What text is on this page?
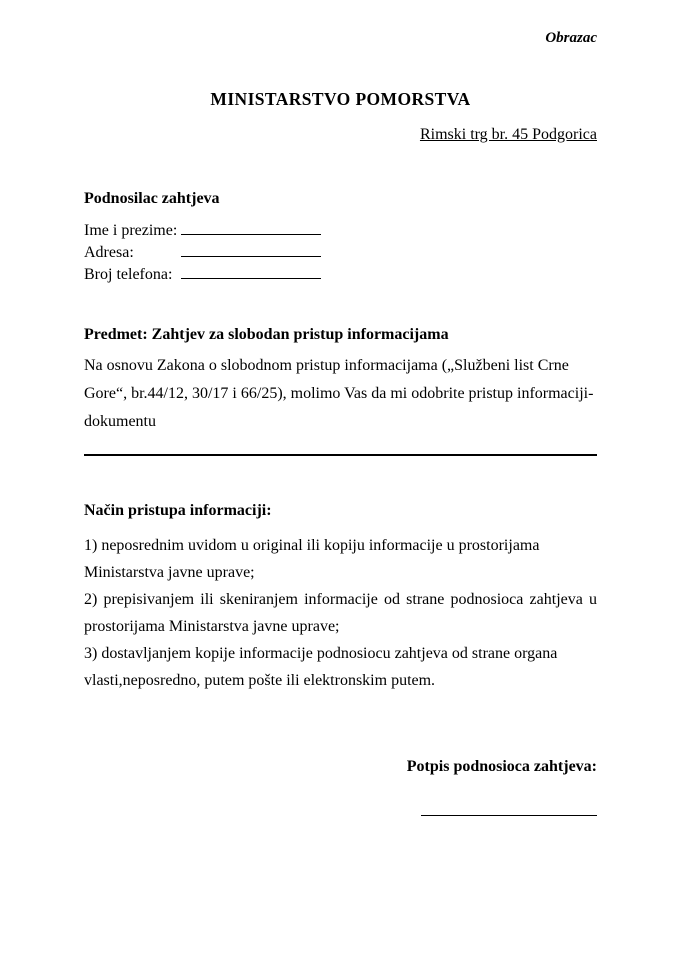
Obrazac
MINISTARSTVO POMORSTVA
Rimski trg br. 45 Podgorica
Podnosilac zahtjeva
Ime i prezime:
Adresa:
Broj telefona:
Predmet: Zahtjev za slobodan pristup informacijama

Na osnovu Zakona o slobodnom pristup informacijama („Službeni list Crne Gore“, br.44/12, 30/17 i 66/25), molimo Vas da mi odobrite pristup informaciji-dokumentu

Način pristupa informaciji:

1) neposrednim uvidom u original ili kopiju informacije u prostorijama Ministarstva javne uprave;

2) prepisivanjem ili skeniranjem informacije od strane podnosioca zahtjeva u prostorijama Ministarstva javne uprave;

3) dostavljanjem kopije informacije podnosiocu zahtjeva od strane organa vlasti,neposredno, putem pošte ili elektronskim putem.

Potpis podnosioca zahtjeva:
